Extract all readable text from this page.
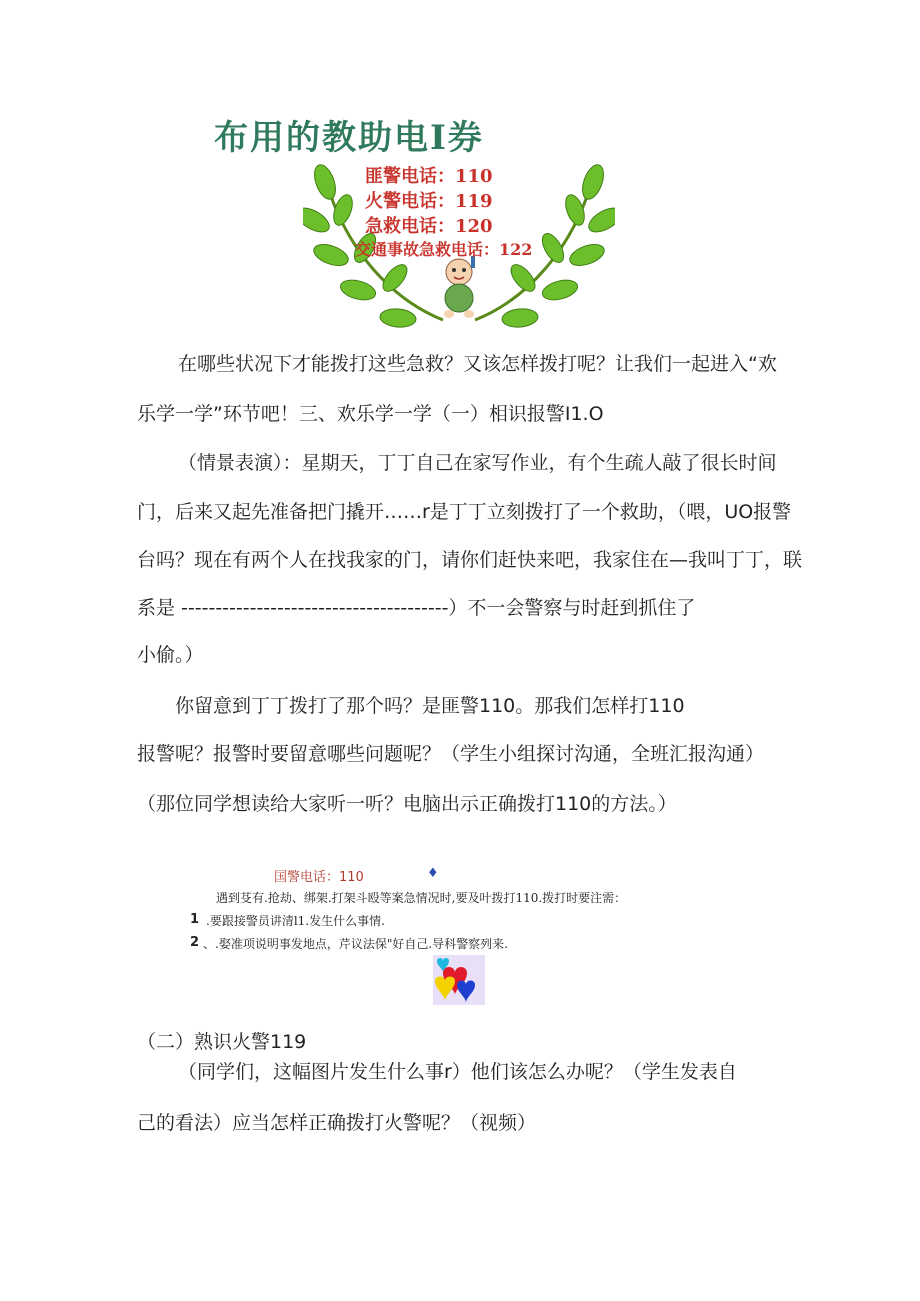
布用的教助电I券
匪警电话：110
火警电话：119
急救电话：120
交通事故急救电话：122
在哪些状况下才能拨打这些急救？又该怎样拨打呢？让我们一起进入“欢
乐学一学”环节吧！三、欢乐学一学（一）相识报警I1.O
（情景表演）：星期天，丁丁自己在家写作业，有个生疏人敲了很长时间
门，后来又起先准备把门撬开……r是丁丁立刻拨打了一个救助，（喂，UO报警
台吗？现在有两个人在找我家的门，请你们赶快来吧，我家住在—我叫丁丁，联
系是 ---------------------------------------）不一会警察与时赶到抓住了
小偷。）
你留意到丁丁拨打了那个吗？是匪警110。那我们怎样打110
报警呢？报警时要留意哪些问题呢？（学生小组探讨沟通，全班汇报沟通）
（那位同学想读给大家听一听？电脑出示正确拨打110的方法。）
国警电话：110	♦
遇到芟有.抢劫、绑架.打架斗殴等案急情况时,要及叶拨打110.拨打时要注需：
1 .要跟接警员讲清l1.发生什么事情.
2 、.娶准项说明事发地点，芹议法保"好自己.导科警察列来.
（二）熟识火警119
（同学们，这幅图片发生什么事r）他们该怎么办呢？（学生发表自
己的看法）应当怎样正确拨打火警呢？（视频）
